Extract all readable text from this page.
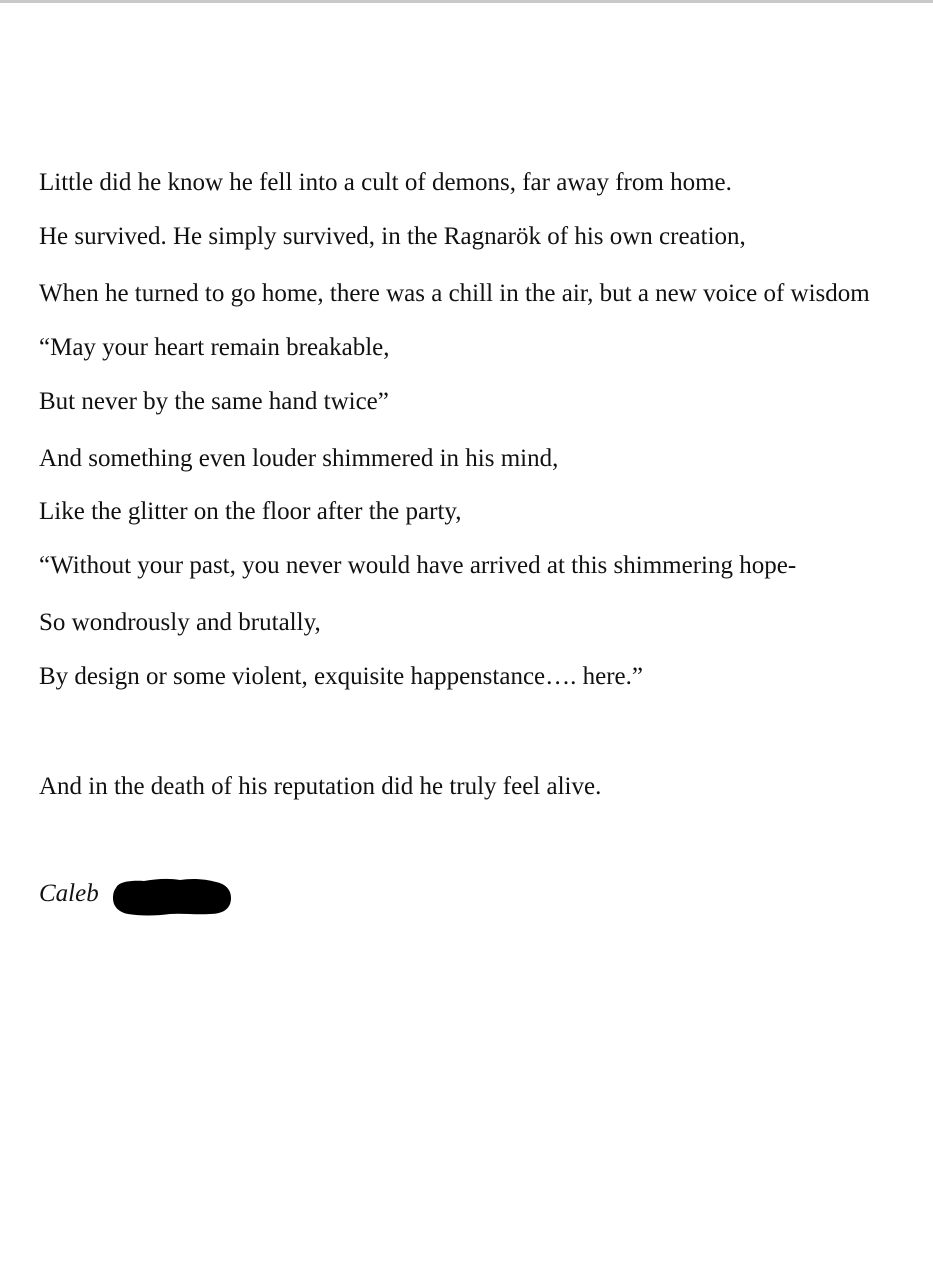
Little did he know he fell into a cult of demons, far away from home.

He survived. He simply survived, in the Ragnarök of his own creation,

When he turned to go home, there was a chill in the air, but a new voice of wisdom

“May your heart remain breakable,

But never by the same hand twice”

And something even louder shimmered in his mind,

Like the glitter on the floor after the party,

“Without your past, you never would have arrived at this shimmering hope-

So wondrously and brutally,

By design or some violent, exquisite happenstance…. here.”

And in the death of his reputation did he truly feel alive.

Caleb
